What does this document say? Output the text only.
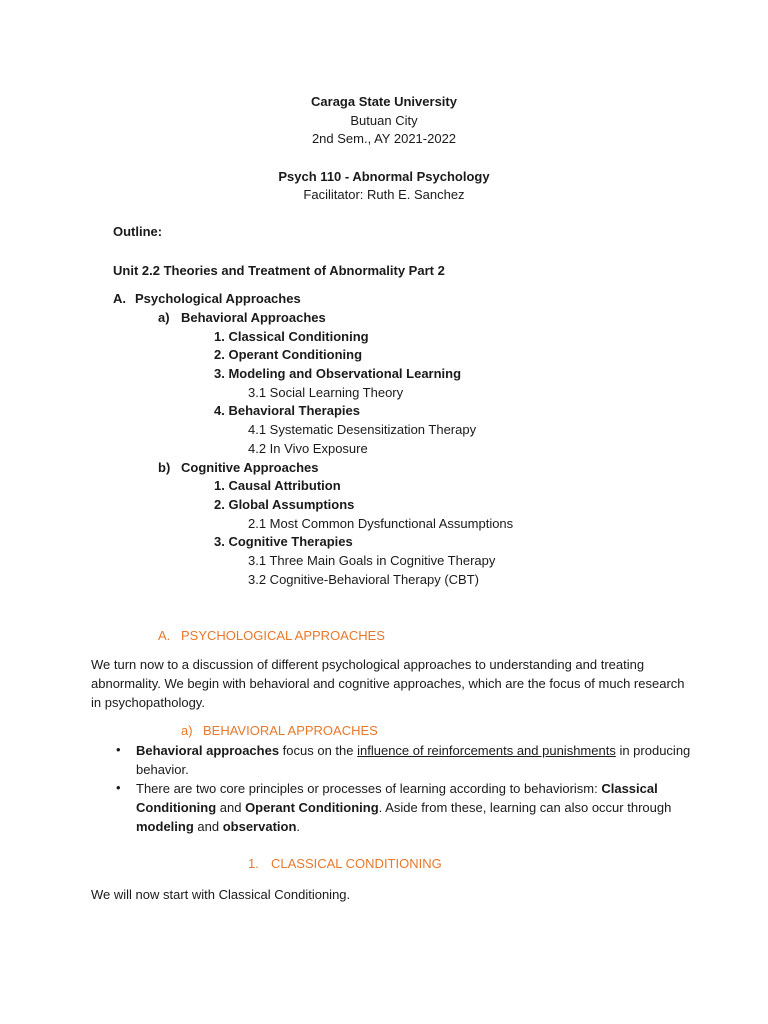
Caraga State University
Butuan City
2nd Sem., AY 2021-2022
Psych 110 - Abnormal Psychology
Facilitator: Ruth E. Sanchez
Outline:
Unit 2.2 Theories and Treatment of Abnormality Part 2
A. Psychological Approaches
a) Behavioral Approaches
1. Classical Conditioning
2. Operant Conditioning
3. Modeling and Observational Learning
3.1 Social Learning Theory
4. Behavioral Therapies
4.1 Systematic Desensitization Therapy
4.2 In Vivo Exposure
b) Cognitive Approaches
1. Causal Attribution
2. Global Assumptions
2.1 Most Common Dysfunctional Assumptions
3. Cognitive Therapies
3.1 Three Main Goals in Cognitive Therapy
3.2 Cognitive-Behavioral Therapy (CBT)
A. PSYCHOLOGICAL APPROACHES
We turn now to a discussion of different psychological approaches to understanding and treating
abnormality. We begin with behavioral and cognitive approaches, which are the focus of much research
in psychopathology.
a) BEHAVIORAL APPROACHES
• Behavioral approaches focus on the influence of reinforcements and punishments in producing
behavior.
• There are two core principles or processes of learning according to behaviorism: Classical
Conditioning and Operant Conditioning. Aside from these, learning can also occur through
modeling and observation.
1. CLASSICAL CONDITIONING
We will now start with Classical Conditioning.
